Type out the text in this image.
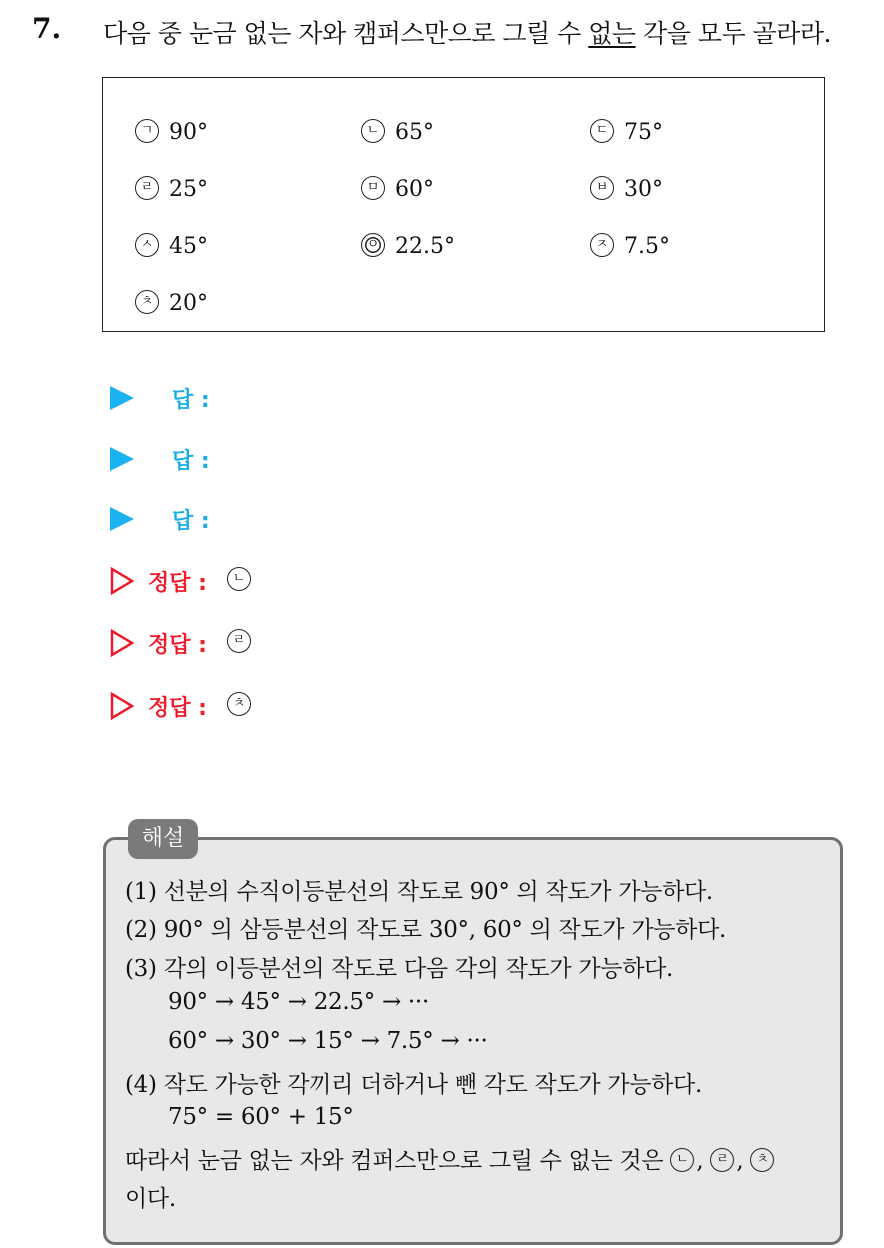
7. 다음 중 눈금 없는 자와 캠퍼스만으로 그릴 수 없는 각을 모두 골라라.
ㄱ 90°	ㄴ 65°	ㄷ 75°
ㄹ 25°	ㅁ 60°	ㅂ 30°
ㅅ 45°	ㅇ 22.5°	ㅈ 7.5°
ㅊ 20°
답 :
답 :
답 :
정답 :	ㄴ
정답 :	ㄹ
정답 :	ㅊ
해설
(1) 선분의 수직이등분선의 작도로 90° 의 작도가 가능하다.
(2) 90° 의 삼등분선의 작도로 30°, 60° 의 작도가 가능하다.
(3) 각의 이등분선의 작도로 다음 각의 작도가 가능하다.
90° → 45° → 22.5° → ···
60° → 30° → 15° → 7.5° → ···
(4) 작도 가능한 각끼리 더하거나 뺀 각도 작도가 가능하다.
75° = 60° + 15°
따라서 눈금 없는 자와 컴퍼스만으로 그릴 수 없는 것은 ㄴ , ㄹ , ㅊ
이다.
